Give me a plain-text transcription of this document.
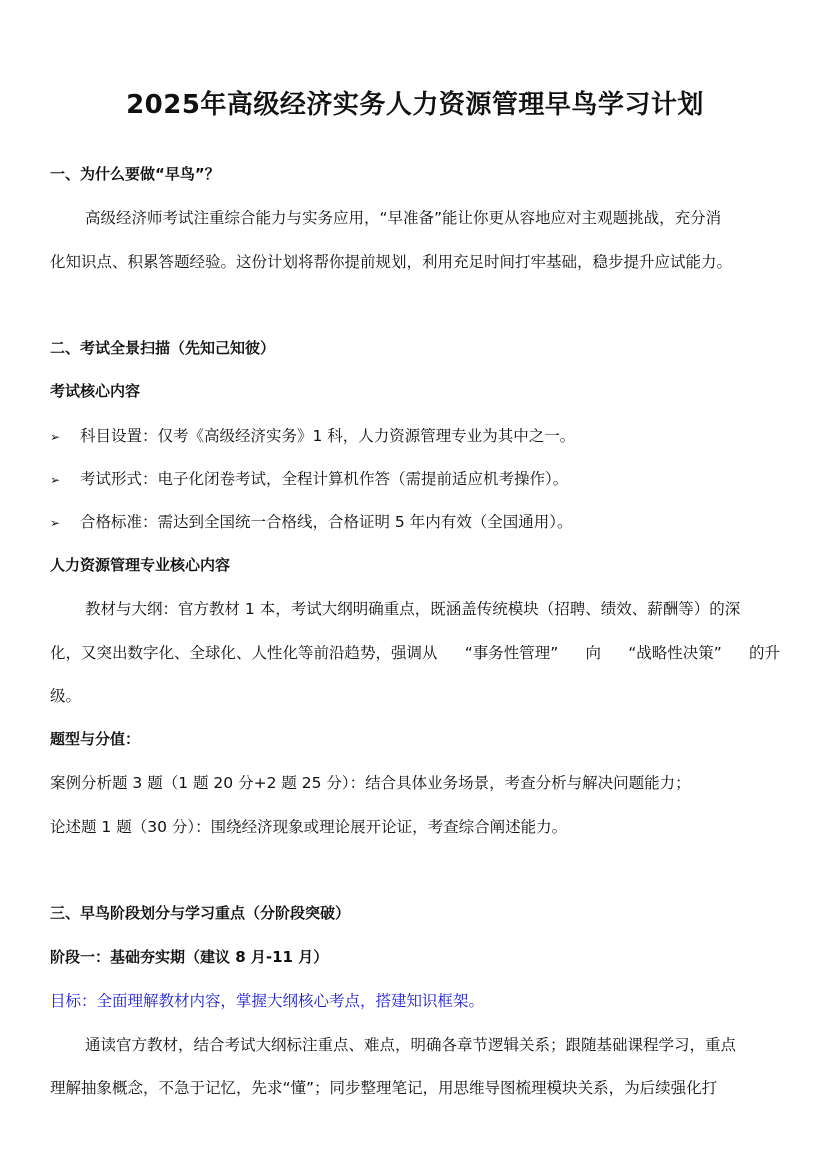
2025年高级经济实务人力资源管理早鸟学习计划
一、为什么要做“早鸟”？
高级经济师考试注重综合能力与实务应用，“早准备”能让你更从容地应对主观题挑战，充分消
化知识点、积累答题经验。这份计划将帮你提前规划，利用充足时间打牢基础，稳步提升应试能力。
二、考试全景扫描（先知己知彼）
考试核心内容
➢ 科目设置：仅考《高级经济实务》1 科，人力资源管理专业为其中之一。
➢ 考试形式：电子化闭卷考试，全程计算机作答（需提前适应机考操作）。
➢ 合格标准：需达到全国统一合格线，合格证明 5 年内有效（全国通用）。
人力资源管理专业核心内容
教材与大纲：官方教材 1 本，考试大纲明确重点，既涵盖传统模块（招聘、绩效、薪酬等）的深
化，又突出数字化、全球化、人性化等前沿趋势，强调从 “事务性管理” 向 “战略性决策” 的升
级。
题型与分值：
案例分析题 3 题（1 题 20 分+2 题 25 分）：结合具体业务场景，考查分析与解决问题能力；
论述题 1 题（30 分）：围绕经济现象或理论展开论证，考查综合阐述能力。
三、早鸟阶段划分与学习重点（分阶段突破）
阶段一：基础夯实期（建议 8 月-11 月）
目标：全面理解教材内容，掌握大纲核心考点，搭建知识框架。
通读官方教材，结合考试大纲标注重点、难点，明确各章节逻辑关系；跟随基础课程学习，重点
理解抽象概念，不急于记忆，先求“懂”；同步整理笔记，用思维导图梳理模块关系，为后续强化打
